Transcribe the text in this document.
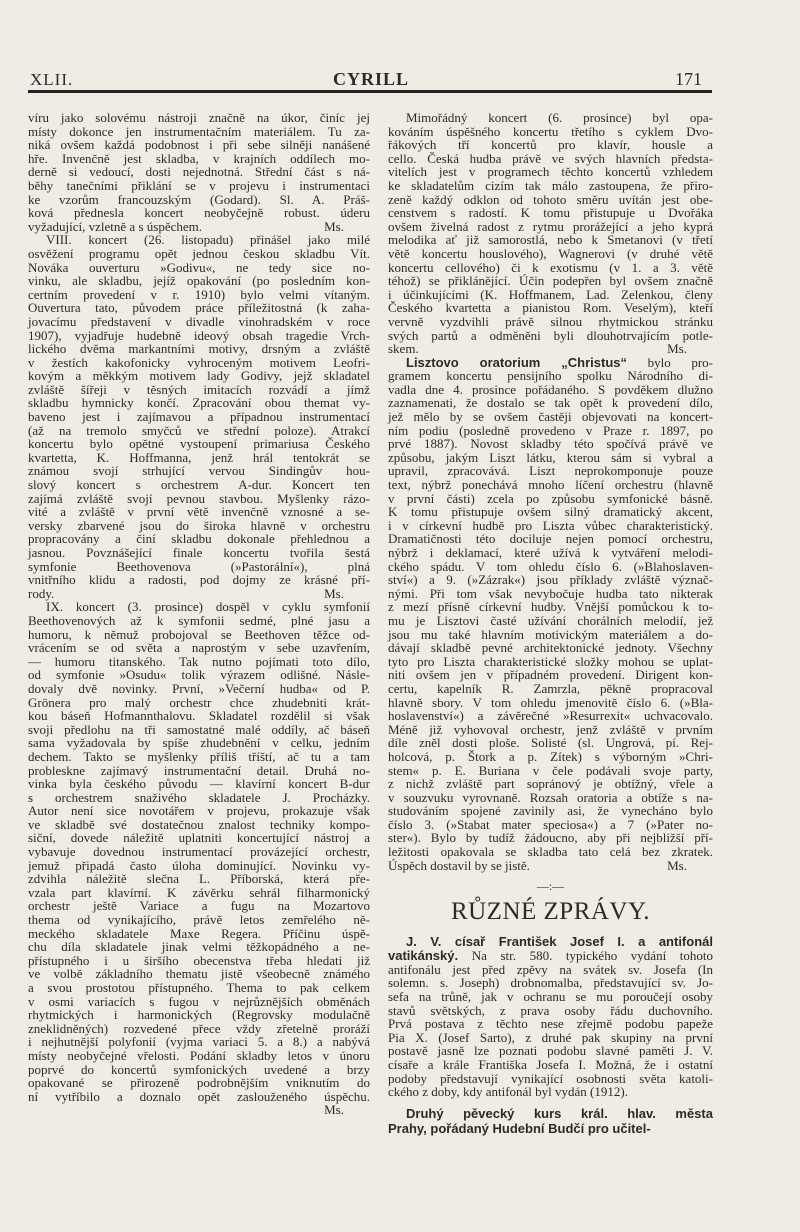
XLII.	CYRILL	171
víru jako solovému nástroji značně na úkor, činíc jej
místy dokonce jen instrumentačním materiálem. Tu za-
niká ovšem každá podobnost i při sebe silněji nanášené
hře. Invenčně jest skladba, v krajních oddílech mo-
derně si vedoucí, dosti nejednotná. Střední část s ná-
běhy tanečními přiklání se v projevu i instrumentaci
ke vzorům francouzským (Godard). Sl. A. Práš-
ková přednesla koncert neobyčejně robust. úderu
vyžadující, vzletně a s úspěchem.	Ms.
VIII. koncert (26. listopadu) přinášel jako milé
osvěžení programu opět jednou českou skladbu Vít.
Nováka ouverturu »Godivu«, ne tedy sice no-
vinku, ale skladbu, jejíž opakování (po posledním kon-
certním provedení v r. 1910) bylo velmi vítaným.
Ouvertura tato, původem práce příležitostná (k zaha-
jovacímu představení v divadle vinohradském v roce
1907), vyjadřuje hudebně ideový obsah tragedie Vrch-
lického dvěma markantními motivy, drsným a zvláště
v žestích kakofonicky vyhroceným motivem Leofri-
kovým a měkkým motivem lady Godivy, jejž skladatel
zvláště šířeji v těsných imitacích rozvádí a jímž
skladbu hymnicky končí. Zpracování obou themat vy-
baveno jest i zajímavou a případnou instrumentací
(až na tremolo smyčců ve střední poloze). Atrakcí
koncertu bylo opětné vystoupení primariusa Českého
kvartetta, K. Hoffmanna, jenž hrál tentokrát se
známou svojí strhující vervou Sindingův hou-
slový koncert s orchestrem A-dur. Koncert ten
zajímá zvláště svojí pevnou stavbou. Myšlenky rázo-
vité a zvláště v první větě invenčně vznosné a se-
versky zbarvené jsou do široka hlavně v orchestru
propracovány a činí skladbu dokonale přehlednou a
jasnou. Povznášející finale koncertu tvořila šestá
symfonie Beethovenova (»Pastorální«), plná
vnitřního klidu a radosti, pod dojmy ze krásné pří-
rody.	Ms.
IX. koncert (3. prosince) dospěl v cyklu symfonií
Beethovenových až k symfonii sedmé, plné jasu a
humoru, k němuž probojoval se Beethoven těžce od-
vrácením se od světa a naprostým v sebe uzavřením,
— humoru titanského. Tak nutno pojímati toto dílo,
od symfonie »Osudu« tolik výrazem odlišné. Násle-
dovaly dvě novinky. První, »Večerní hudba« od P.
Grönera pro malý orchestr chce zhudebniti krát-
kou báseň Hofmannthalovu. Skladatel rozdělil si však
svoji předlohu na tři samostatné malé oddíly, ač báseň
sama vyžadovala by spíše zhudebnění v celku, jedním
dechem. Takto se myšlenky příliš tříští, ač tu a tam
probleskne zajímavý instrumentační detail. Druhá no-
vinka byla českého původu — klavírní koncert B-dur
s orchestrem snaživého skladatele J. Procházky.
Autor není sice novotářem v projevu, prokazuje však
ve skladbě své dostatečnou znalost techniky kompo-
siční, dovede náležitě uplatniti koncertující nástroj a
vybavuje dovednou instrumentací provázející orchestr,
jemuž připadá často úloha dominující. Novinku vy-
zdvihla náležitě slečna L. Příborská, která pře-
vzala part klavírní. K závěrku sehrál filharmonický
orchestr ještě Variace a fugu na Mozartovo
thema od vynikajícího, právě letos zemřelého ně-
meckého skladatele Maxe Regera. Příčinu úspě-
chu díla skladatele jinak velmi těžkopádného a ne-
přístupného i u širšího obecenstva třeba hledati již
ve volbě základního thematu jistě všeobecně známého
a svou prostotou přístupného. Thema to pak celkem
v osmi variacích s fugou v nejrůznějších obměnách
rhytmických i harmonických (Regrovsky modulačně
zneklidněných) rozvedené přece vždy zřetelně proráží
i nejhutnější polyfonií (vyjma variaci 5. a 8.) a nabývá
místy neobyčejné vřelosti. Podání skladby letos v únoru
poprvé do koncertů symfonických uvedené a brzy
opakované se přirozeně podrobnějším vniknutím do
ní vytříbilo a doznalo opět zaslouženého úspěchu.
Ms.
Mimořádný koncert (6. prosince) byl opa-
kováním úspěšného koncertu třetího s cyklem Dvo-
řákových tří koncertů pro klavír, housle a
cello. Česká hudba právě ve svých hlavních předsta-
vitelích jest v programech těchto koncertů vzhledem
ke skladatelům cizím tak málo zastoupena, že přiro-
zeně každý odklon od tohoto směru uvítán jest obe-
censtvem s radostí. K tomu přistupuje u Dvořáka
ovšem živelná radost z rytmu prorážející a jeho kyprá
melodika ať již samorostlá, nebo k Smetanovi (v třetí
větě koncertu houslového), Wagnerovi (v druhé větě
koncertu cellového) či k exotismu (v 1. a 3. větě
téhož) se přiklánějící. Účin podepřen byl ovšem značně
i účinkujícími (K. Hoffmanem, Lad. Zelenkou, členy
Českého kvartetta a pianistou Rom. Veselým), kteří
vervně vyzdvihli právě silnou rhytmickou stránku
svých partů a odměněni byli dlouhotrvajícím potle-
skem.	Ms.
Lisztovo oratorium „Christus“ bylo pro-
gramem koncertu pensijního spolku Národního di-
vadla dne 4. prosince pořádaného. S povděkem dlužno
zaznamenati, že dostalo se tak opět k provedení dílo,
jež mělo by se ovšem častěji objevovati na koncert-
ním podiu (posledně provedeno v Praze r. 1897, po
prvé 1887). Novost skladby této spočívá právě ve
způsobu, jakým Liszt látku, kterou sám si vybral a
upravil, zpracovává. Liszt neprokomponuje pouze
text, nýbrž ponechává mnoho líčení orchestru (hlavně
v první části) zcela po způsobu symfonické básně.
K tomu přistupuje ovšem silný dramatický akcent,
i v církevní hudbě pro Liszta vůbec charakteristický.
Dramatičnosti této dociluje nejen pomocí orchestru,
nýbrž i deklamací, které užívá k vytváření melodi-
ckého spádu. V tom ohledu číslo 6. (»Blahoslaven-
ství«) a 9. (»Zázrak«) jsou příklady zvláště význač-
nými. Při tom však nevybočuje hudba tato nikterak
z mezí přísně církevní hudby. Vnější pomůckou k to-
mu je Lisztovi časté užívání chorálních melodií, jež
jsou mu také hlavním motivickým materiálem a do-
dávají skladbě pevné architektonické jednoty. Všechny
tyto pro Liszta charakteristické složky mohou se uplat-
niti ovšem jen v případném provedení. Dirigent kon-
certu, kapelník R. Zamrzla, pěkně propracoval
hlavně sbory. V tom ohledu jmenovitě číslo 6. (»Bla-
hoslavenství«) a závěrečné »Resurrexit« uchvacovalo.
Méně již vyhovoval orchestr, jenž zvláště v prvním
díle zněl dosti ploše. Solisté (sl. Ungrová, pí. Rej-
holcová, p. Štork a p. Zítek) s výborným »Chri-
stem« p. E. Buriana v čele podávali svoje party,
z nichž zvláště part sopránový je obtížný, vřele a
v souzvuku vyrovnaně. Rozsah oratoria a obtíže s na-
studováním spojené zavinily asi, že vynecháno bylo
číslo 3. (»Stabat mater speciosa«) a 7 (»Pater no-
ster«). Bylo by tudíž žádoucno, aby při nejbližší pří-
ležitosti opakovala se skladba tato celá bez zkratek.
Úspěch dostavil by se jistě.	Ms.
—:—
RŮZNÉ ZPRÁVY.
J. V. císař František Josef I. a antifonál
vatikánský. Na str. 580. typického vydání tohoto
antifonálu jest před zpěvy na svátek sv. Josefa (In
solemn. s. Joseph) drobnomalba, představující sv. Jo-
sefa na trůně, jak v ochranu se mu poroučejí osoby
stavů světských, z prava osoby řádu duchovního.
Prvá postava z těchto nese zřejmě podobu papeže
Pia X. (Josef Sarto), z druhé pak skupiny na první
postavě jasně lze poznati podobu slavné paměti J. V.
císaře a krále Františka Josefa I. Možná, že i ostatní
podoby představují vynikající osobnosti světa katoli-
ckého z doby, kdy antifonál byl vydán (1912).
Druhý pěvecký kurs král. hlav. města
Prahy, pořádaný Hudební Budčí pro učitel-
